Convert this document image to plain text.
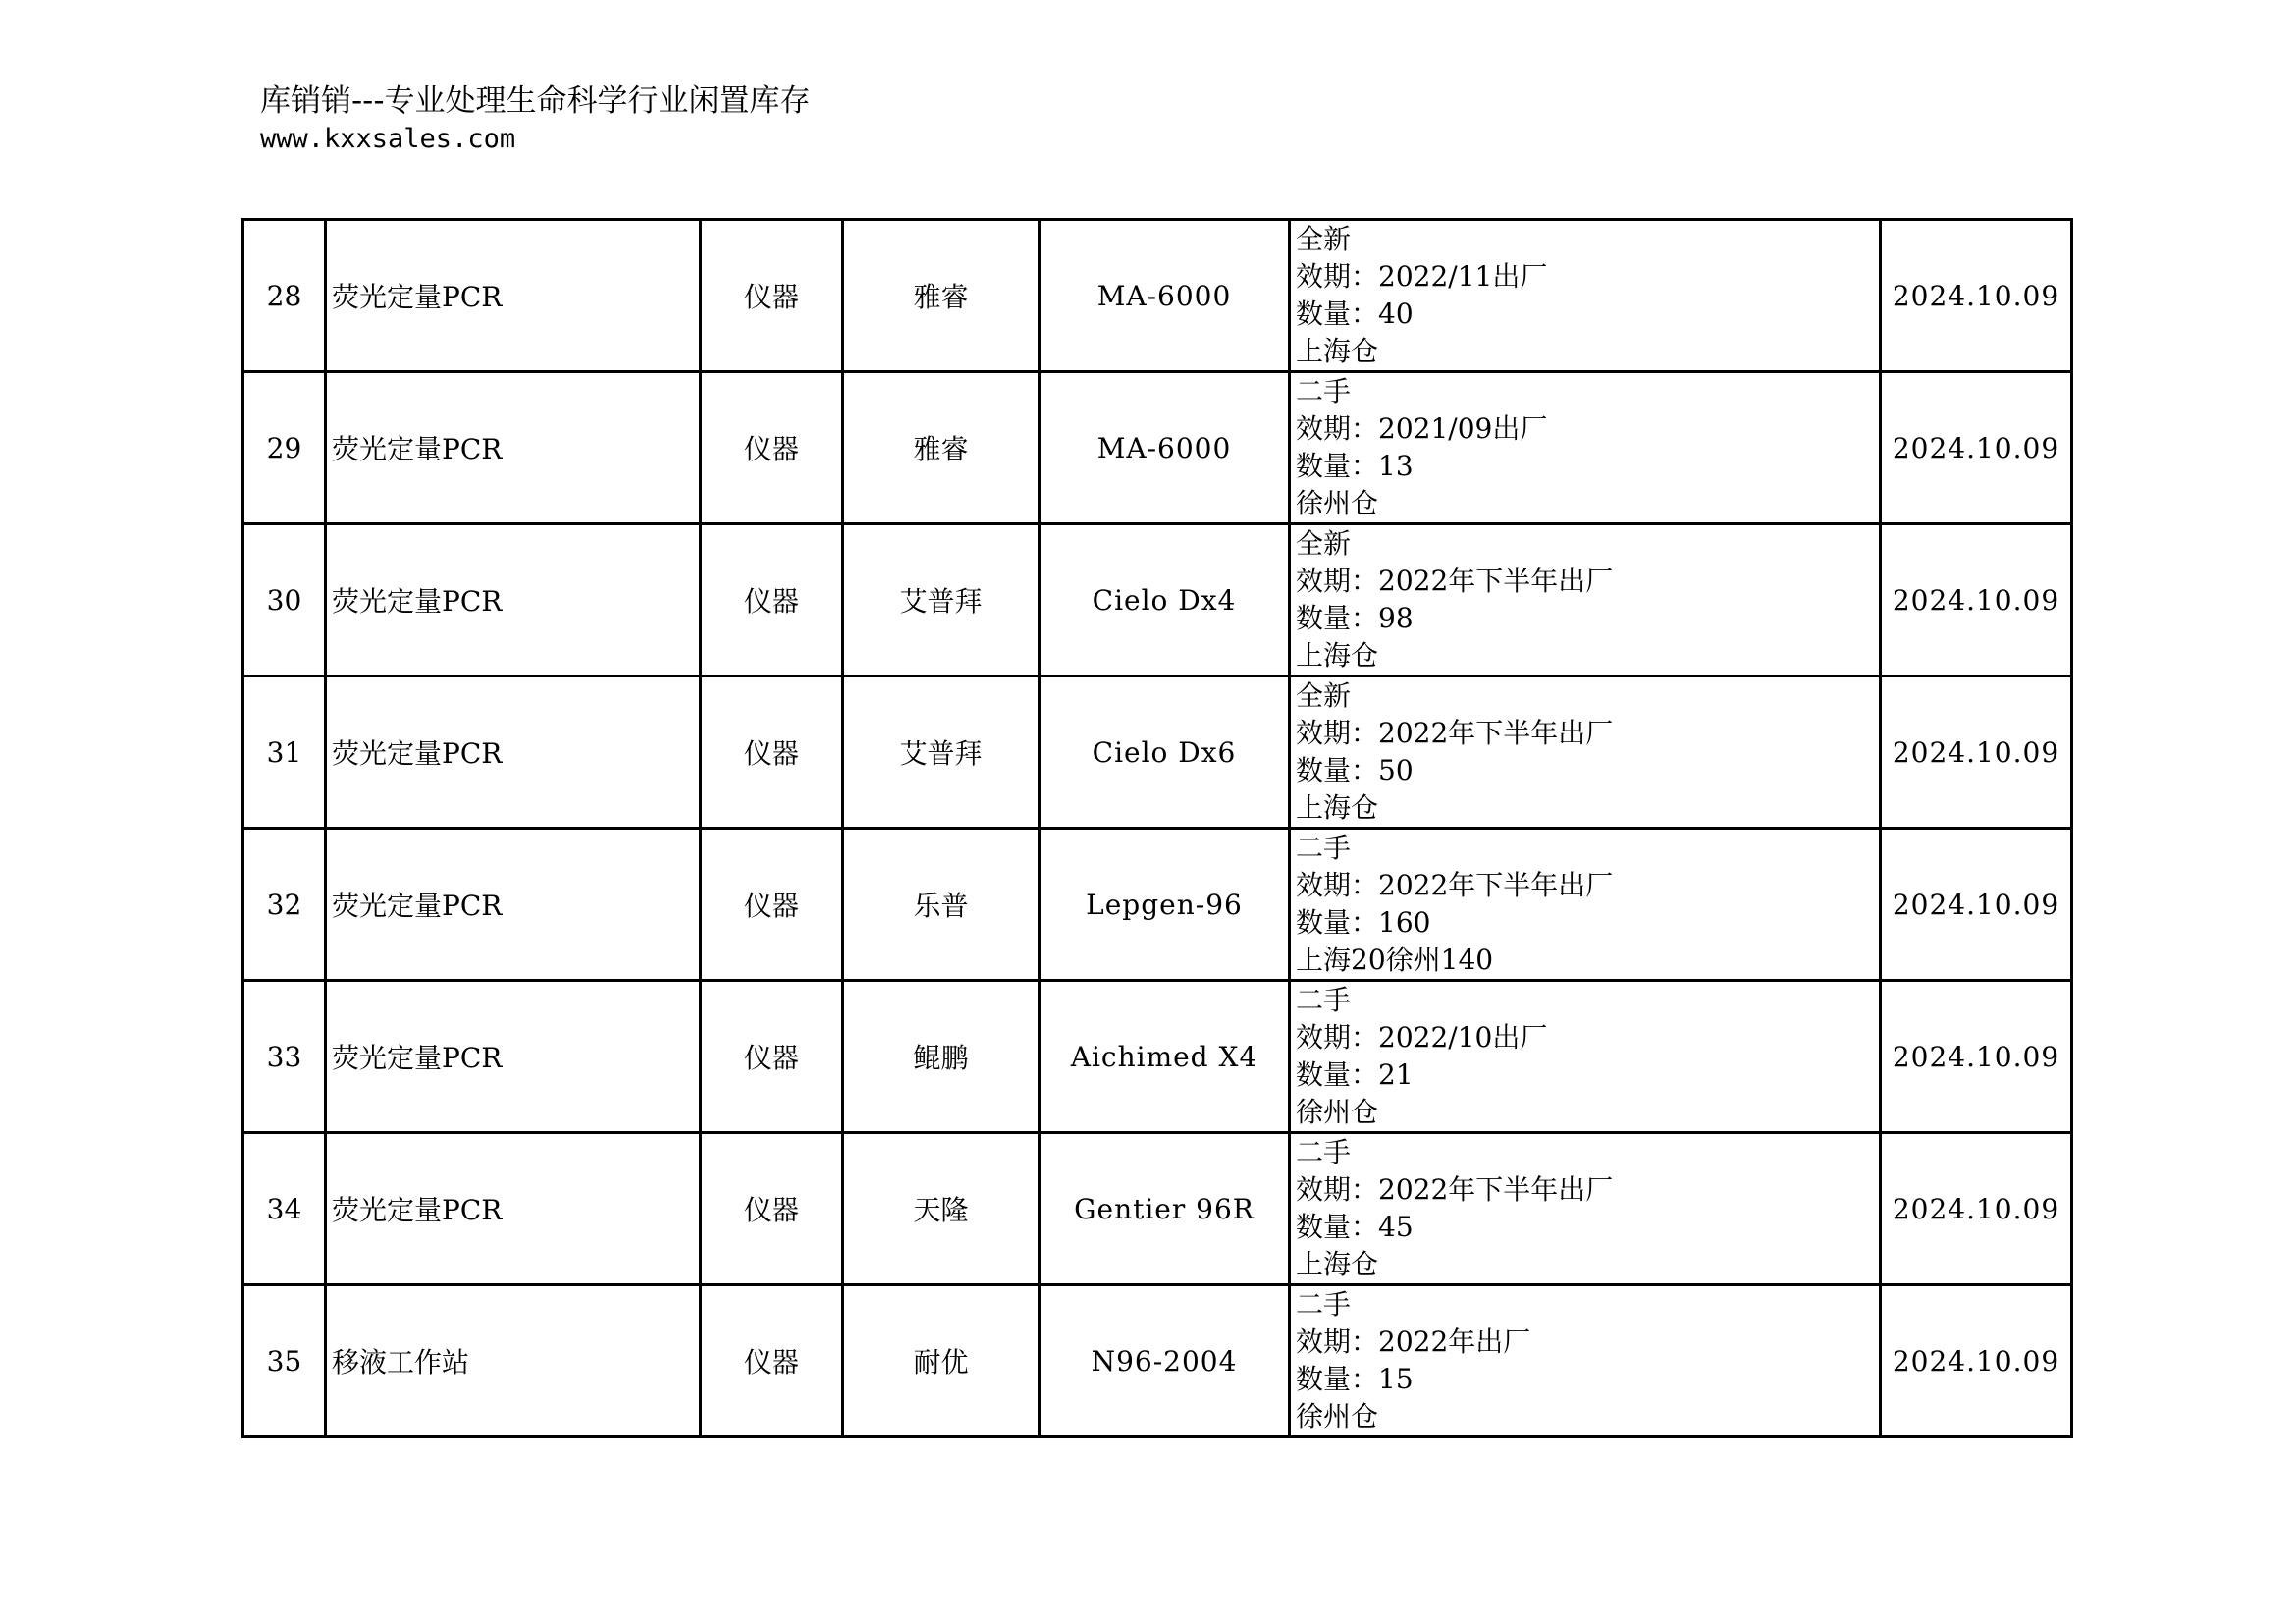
库销销---专业处理生命科学行业闲置库存
www.kxxsales.com
28	荧光定量PCR	仪器	雅睿	MA-6000	全新
效期：2022/11出厂
数量：40
上海仓	2024.10.09
29	荧光定量PCR	仪器	雅睿	MA-6000	二手
效期：2021/09出厂
数量：13
徐州仓	2024.10.09
30	荧光定量PCR	仪器	艾普拜	Cielo Dx4	全新
效期：2022年下半年出厂
数量：98
上海仓	2024.10.09
31	荧光定量PCR	仪器	艾普拜	Cielo Dx6	全新
效期：2022年下半年出厂
数量：50
上海仓	2024.10.09
32	荧光定量PCR	仪器	乐普	Lepgen-96	二手
效期：2022年下半年出厂
数量：160
上海20徐州140	2024.10.09
33	荧光定量PCR	仪器	鲲鹏	Aichimed X4	二手
效期：2022/10出厂
数量：21
徐州仓	2024.10.09
34	荧光定量PCR	仪器	天隆	Gentier 96R	二手
效期：2022年下半年出厂
数量：45
上海仓	2024.10.09
35	移液工作站	仪器	耐优	N96-2004	二手
效期：2022年出厂
数量：15
徐州仓	2024.10.09
